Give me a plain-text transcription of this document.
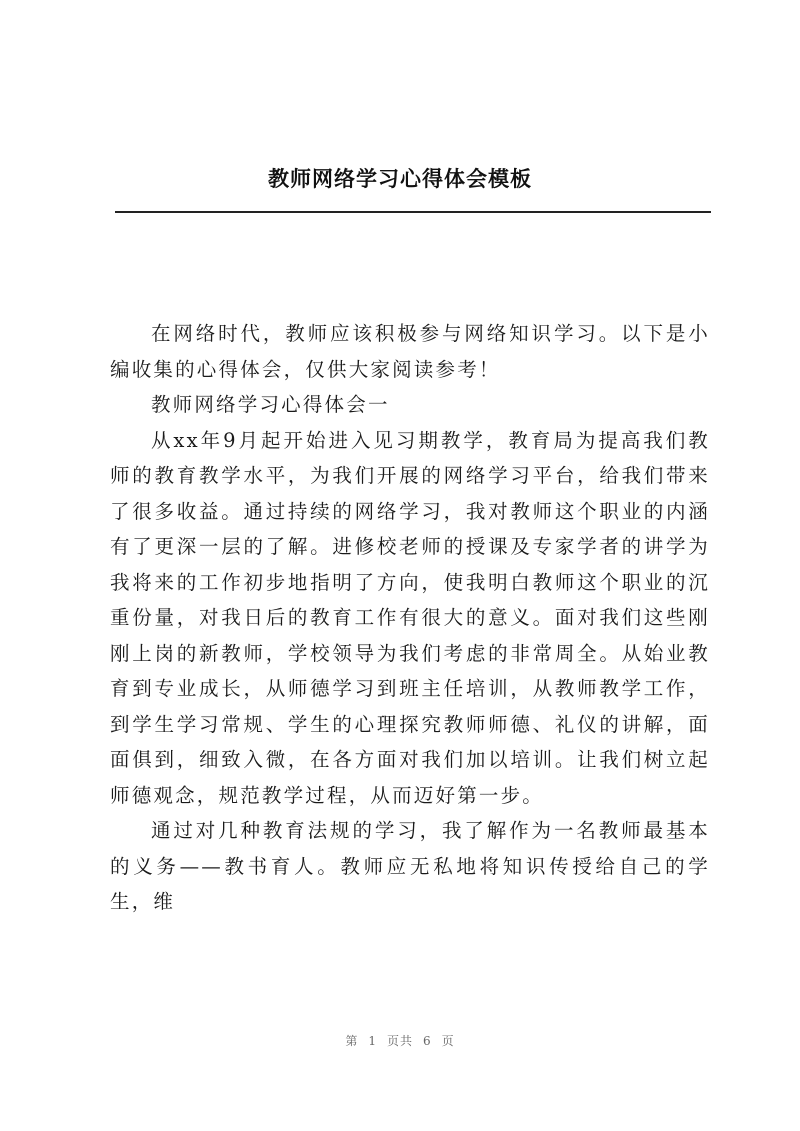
教师网络学习心得体会模板

在网络时代，教师应该积极参与网络知识学习。以下是小编收集的心得体会，仅供大家阅读参考！

教师网络学习心得体会一

从xx年9月起开始进入见习期教学，教育局为提高我们教师的教育教学水平，为我们开展的网络学习平台，给我们带来了很多收益。通过持续的网络学习，我对教师这个职业的内涵有了更深一层的了解。进修校老师的授课及专家学者的讲学为我将来的工作初步地指明了方向，使我明白教师这个职业的沉重份量，对我日后的教育工作有很大的意义。面对我们这些刚刚上岗的新教师，学校领导为我们考虑的非常周全。从始业教育到专业成长，从师德学习到班主任培训，从教师教学工作，到学生学习常规、学生的心理探究教师师德、礼仪的讲解，面面俱到，细致入微，在各方面对我们加以培训。让我们树立起师德观念，规范教学过程，从而迈好第一步。

通过对几种教育法规的学习，我了解作为一名教师最基本的义务——教书育人。教师应无私地将知识传授给自己的学生，维

第 1 页共 6 页
